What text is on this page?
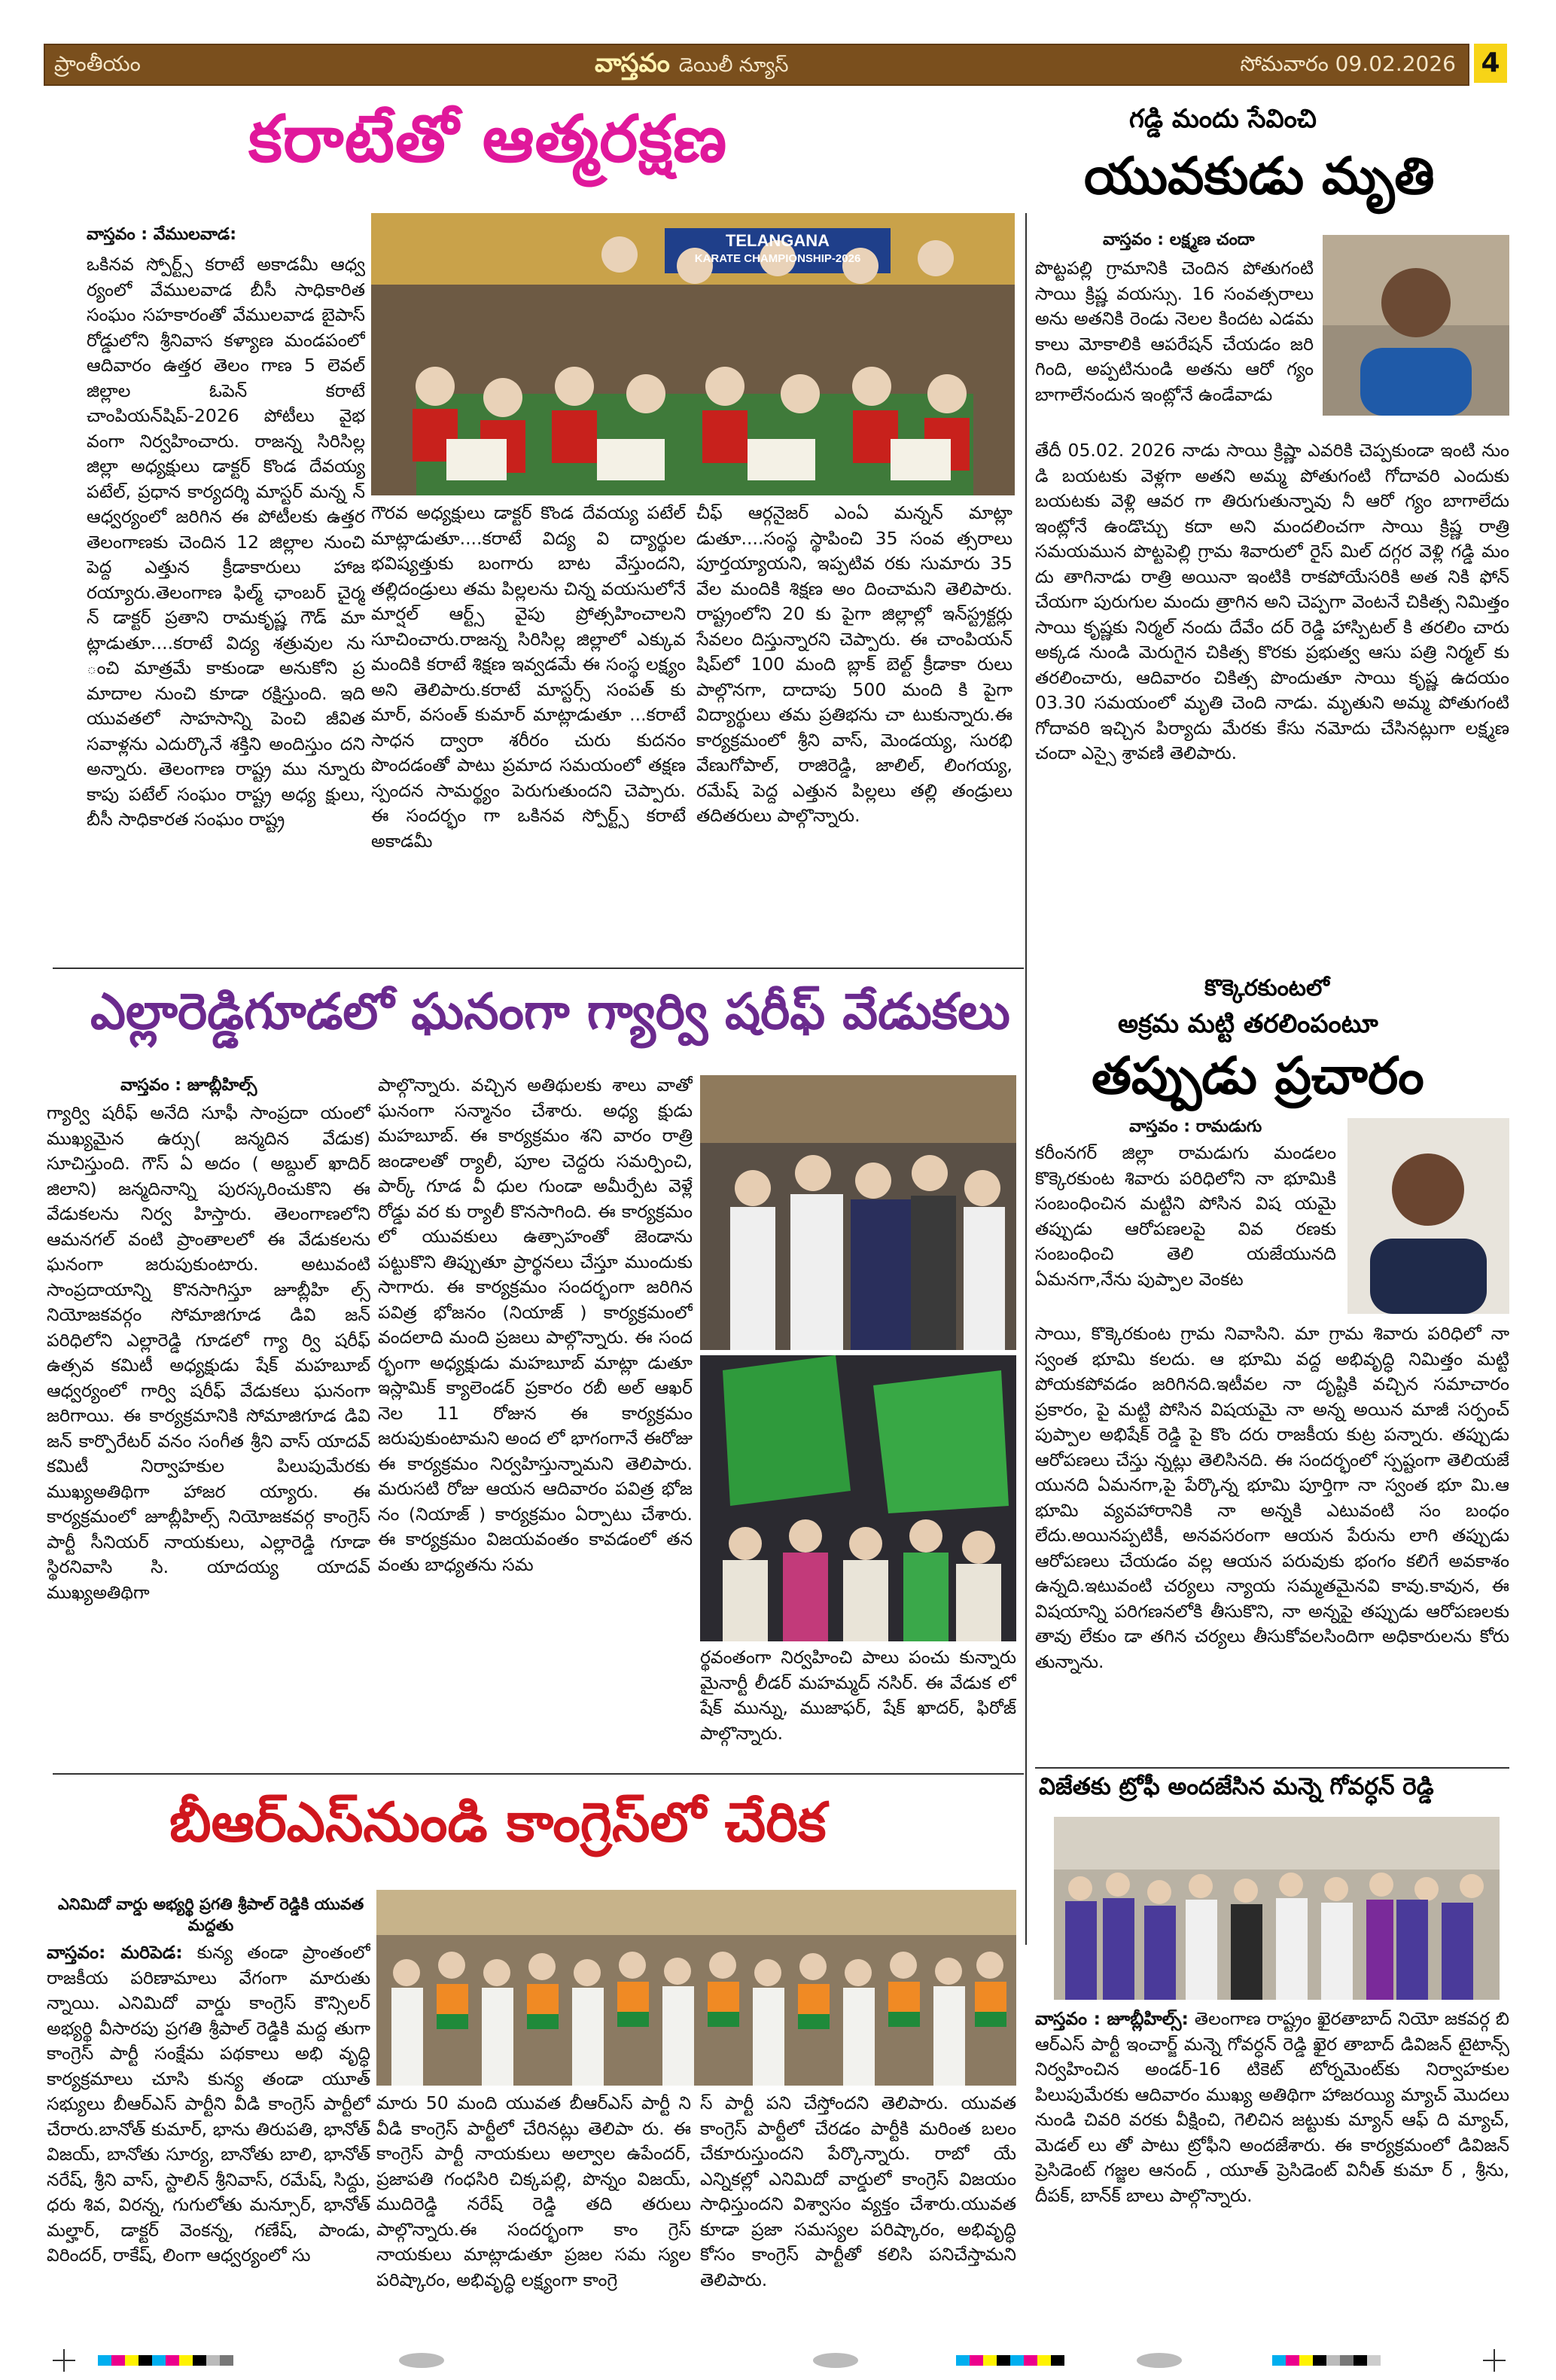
ప్రాంతీయం	వాస్తవం డెయిలీ న్యూస్	సోమవారం 09.02.2026 4
కరాటేతో ఆత్మరక్షణ
వాస్తవం : వేములవాడ:
ఒకినవ స్పోర్ట్స్ కరాటే అకాడమీ ఆధ్వ ర్యంలో వేములవాడ బీసీ సాధికారిత సంఘం సహకారంతో వేములవాడ బైపాస్ రోడ్డులోని శ్రీనివాస కళ్యాణ మండపంలో ఆదివారం ఉత్తర తెలం గాణ 5 లెవల్ జిల్లాల ఓపెన్ కరాటే చాంపియన్‌షిప్-2026 పోటీలు వైభ వంగా నిర్వహించారు. రాజన్న సిరిసిల్ల జిల్లా అధ్యక్షులు డాక్టర్ కొండ దేవయ్య పటేల్, ప్రధాన కార్యదర్శి మాస్టర్ మన్న న్ ఆధ్వర్యంలో జరిగిన ఈ పోటీలకు ఉత్తర తెలంగాణకు చెందిన 12 జిల్లాల నుంచి పెద్ద ఎత్తున క్రీడాకారులు హాజ రయ్యారు.తెలంగాణ ఫిల్మ్ ఛాంబర్ చైర్మ న్ డాక్టర్ ప్రతాని రామకృష్ణ గౌడ్ మా ట్లాడుతూ....కరాటే విద్య శత్రువుల ను ంచి మాత్రమే కాకుండా అనుకోని ప్ర మాదాల నుంచి కూడా రక్షిస్తుంది. ఇది యువతలో సాహసాన్ని పెంచి జీవిత సవాళ్లను ఎదుర్కొనే శక్తిని అందిస్తుం దని అన్నారు. తెలంగాణ రాష్ట్ర ము న్నూరు కాపు పటేల్ సంఘం రాష్ట్ర అధ్య క్షులు, బీసీ సాధికారత సంఘం రాష్ట్ర
TELANGANA
KARATE CHAMPIONSHIP-2026
గౌరవ అధ్యక్షులు డాక్టర్ కొండ దేవయ్య పటేల్ మాట్లాడుతూ....కరాటే విద్య వి ద్యార్థుల భవిష్యత్తుకు బంగారు బాట వేస్తుందని, తల్లిదండ్రులు తమ పిల్లలను చిన్న వయసులోనే మార్షల్ ఆర్ట్స్ వైపు ప్రోత్సహించాలని సూచించారు.రాజన్న సిరిసిల్ల జిల్లాలో ఎక్కువ మందికి కరాటే శిక్షణ ఇవ్వడమే ఈ సంస్థ లక్ష్యం అని తెలిపారు.కరాటే మాస్టర్స్ సంపత్ కు మార్, వసంత్ కుమార్ మాట్లాడుతూ ...కరాటే సాధన ద్వారా శరీరం చురు కుదనం పొందడంతో పాటు ప్రమాద సమయంలో తక్షణ స్పందన సామర్థ్యం పెరుగుతుందని చెప్పారు. ఈ సందర్భం గా ఒకినవ స్పోర్ట్స్ కరాటే అకాడమీ
చీఫ్ ఆర్గనైజర్ ఎంఏ మన్నన్ మాట్లా డుతూ....సంస్థ స్థాపించి 35 సంవ త్సరాలు పూర్తయ్యాయని, ఇప్పటివ రకు సుమారు 35 వేల మందికి శిక్షణ అం దించామని తెలిపారు. రాష్ట్రంలోని 20 కు పైగా జిల్లాల్లో ఇన్‌స్ట్రక్టర్లు సేవలం దిస్తున్నారని చెప్పారు. ఈ చాంపియన్ షిప్‌లో 100 మంది బ్లాక్ బెల్ట్ క్రీడాకా రులు పాల్గొనగా, దాదాపు 500 మంది కి పైగా విద్యార్థులు తమ ప్రతిభను చా టుకున్నారు.ఈ కార్యక్రమంలో శ్రీని వాస్, మెండయ్య, సురభి వేణుగోపాల్, రాజిరెడ్డి, జాలిల్, లింగయ్య, రమేష్ పెద్ద ఎత్తున పిల్లలు తల్లి తండ్రులు తదితరులు పాల్గొన్నారు.
గడ్డి మందు సేవించి
యువకుడు మృతి
వాస్తవం : లక్ష్మణ చందా
పొట్టపల్లి గ్రామానికి చెందిన పోతుగంటి సాయి క్రిష్ణ వయస్సు. 16 సంవత్సరాలు అను అతనికి రెండు నెలల కిందట ఎడమ కాలు మోకాలికి ఆపరేషన్ చేయడం జరి గింది, అప్పటినుండి అతను ఆరో గ్యం బాగాలేనందున ఇంట్లోనే ఉండేవాడు
తేదీ 05.02. 2026 నాడు సాయి క్రిష్ణా ఎవరికి చెప్పకుండా ఇంటి నుం డి బయటకు వెళ్లగా అతని అమ్మ పోతుగంటి గోదావరి ఎందుకు బయటకు వెళ్లి ఆవర గా తిరుగుతున్నావు నీ ఆరో గ్యం బాగాలేదు ఇంట్లోనే ఉండొచ్చు కదా అని మందలించగా సాయి క్రిష్ణ రాత్రి సమయమున పొట్టపెల్లి గ్రామ శివారులో రైస్ మిల్ దగ్గర వెళ్లి గడ్డి మం దు తాగినాడు రాత్రి అయినా ఇంటికి రాకపోయేసరికి అత నికి ఫోన్ చేయగా పురుగుల మందు త్రాగిన అని చెప్పగా వెంటనే చికిత్స నిమిత్తం సాయి కృష్ణకు నిర్మల్ నందు దేవేం దర్ రెడ్డి హాస్పిటల్ కి తరలిం చారు అక్కడ నుండి మెరుగైన చికిత్స కొరకు ప్రభుత్వ ఆసు పత్రి నిర్మల్ కు తరలించారు, ఆదివారం చికిత్స పొందుతూ సాయి కృష్ణ ఉదయం 03.30 సమయంలో మృతి చెంది నాడు. మృతుని అమ్మ పోతుగంటి గోదావరి ఇచ్చిన పిర్యాదు మేరకు కేసు నమోదు చేసినట్లుగా లక్ష్మణ చందా ఎస్సై శ్రావణి తెలిపారు.
ఎల్లారెడ్డిగూడలో ఘనంగా గ్యార్వి షరీఫ్ వేడుకలు
వాస్తవం : జూబ్లీహిల్స్
గ్యార్వి షరీఫ్ అనేది సూఫీ సాంప్రదా యంలో ముఖ్యమైన ఉర్సు( జన్మదిన వేడుక) సూచిస్తుంది. గౌస్ ఏ అదం ( అబ్దుల్ ఖాదిర్ జిలాని) జన్మదినాన్ని పురస్కరించుకొని ఈ వేడుకలను నిర్వ హిస్తారు. తెలంగాణలోని ఆమనగల్ వంటి ప్రాంతాలలో ఈ వేడుకలను ఘనంగా జరుపుకుంటారు. అటువంటి సాంప్రదాయాన్ని కొనసాగిస్తూ జూబ్లీహి ల్స్ నియోజకవర్గం సోమాజిగూడ డివి జన్ పరిధిలోని ఎల్లారెడ్డి గూడలో గ్యా ర్వి షరీఫ్ ఉత్సవ కమిటీ అధ్యక్షుడు షేక్ మహబూబ్ ఆధ్వర్యంలో గార్వి షరీఫ్ వేడుకలు ఘనంగా జరిగాయి. ఈ కార్యక్రమానికి సోమాజిగూడ డివి జన్ కార్పొరేటర్ వనం సంగీత శ్రీని వాస్ యాదవ్ కమిటీ నిర్వాహకుల పిలుపుమేరకు ముఖ్యఅతిథిగా హాజర య్యారు. ఈ కార్యక్రమంలో జూబ్లీహిల్స్ నియోజకవర్గ కాంగ్రెస్ పార్టీ సీనియర్ నాయకులు, ఎల్లారెడ్డి గూడా స్థిరనివాసి సి. యాదయ్య యాదవ్ ముఖ్యఅతిథిగా
పాల్గొన్నారు. వచ్చిన అతిథులకు శాలు వాతో ఘనంగా సన్మానం చేశారు. అధ్య క్షుడు మహబూబ్. ఈ కార్యక్రమం శని వారం రాత్రి జండాలతో ర్యాలీ, పూల చెద్దరు సమర్పించి, పార్క్ గూడ వీ ధుల గుండా అమీర్పేట వెళ్లే రోడ్డు వర కు ర్యాలీ కొనసాగింది. ఈ కార్యక్రమం లో యువకులు ఉత్సాహంతో జెండాను పట్టుకొని తిప్పుతూ ప్రార్థనలు చేస్తూ ముందుకు సాగారు. ఈ కార్యక్రమం సందర్భంగా జరిగిన పవిత్ర భోజనం (నియాజ్ ) కార్యక్రమంలో వందలాది మంది ప్రజలు పాల్గొన్నారు. ఈ సంద ర్భంగా అధ్యక్షుడు మహబూబ్ మాట్లా డుతూ ఇస్లామిక్ క్యాలెండర్ ప్రకారం రబీ అల్ ఆఖర్ నెల 11 రోజున ఈ కార్యక్రమం జరుపుకుంటామని అంద లో భాగంగానే ఈరోజు ఈ కార్యక్రమం నిర్వహిస్తున్నామని తెలిపారు. మరుసటి రోజు ఆయన ఆదివారం పవిత్ర భోజ నం (నియాజ్ ) కార్యక్రమం ఏర్పాటు చేశారు. ఈ కార్యక్రమం విజయవంతం కావడంలో తన వంతు బాధ్యతను సమ
ర్థవంతంగా నిర్వహించి పాలు పంచు కున్నారు మైనార్టీ లీడర్ మహమ్మద్ నసిర్. ఈ వేడుక లో షేక్ మున్ను, ముజాఫర్, షేక్ ఖాదర్, ఫిరోజ్ పాల్గొన్నారు.
కొక్కెరకుంటలో
అక్రమ మట్టి తరలింపంటూ
తప్పుడు ప్రచారం
వాస్తవం : రామడుగు
కరీంనగర్ జిల్లా రామడుగు మండలం కొక్కెరకుంట శివారు పరిధిలోని నా భూమికి సంబంధించిన మట్టిని పోసిన విష యమై తప్పుడు ఆరోపణలపై వివ రణకు సంబంధించి తెలి యజేయునది ఏమనగా,నేను పుప్పాల వెంకట
సాయి, కొక్కెరకుంట గ్రామ నివాసిని. మా గ్రామ శివారు పరిధిలో నా స్వంత భూమి కలదు. ఆ భూమి వద్ద అభివృద్ధి నిమిత్తం మట్టి పోయకపోవడం జరిగినది.ఇటీవల నా దృష్టికి వచ్చిన సమాచారం ప్రకారం, పై మట్టి పోసిన విషయమై నా అన్న అయిన మాజీ సర్పంచ్ పుప్పాల అభిషేక్ రెడ్డి పై కొం దరు రాజకీయ కుట్ర పన్నారు. తప్పుడు ఆరోపణలు చేస్తు న్నట్లు తెలిసినది. ఈ సందర్భంలో స్పష్టంగా తెలియజే యునది ఏమనగా,పై పేర్కొన్న భూమి పూర్తిగా నా స్వంత భూ మి.ఆ భూమి వ్యవహారానికి నా అన్నకి ఎటువంటి సం బంధం లేదు.అయినప్పటికీ, అనవసరంగా ఆయన పేరును లాగి తప్పుడు ఆరోపణలు చేయడం వల్ల ఆయన పరువుకు భంగం కలిగే అవకాశం ఉన్నది.ఇటువంటి చర్యలు న్యాయ సమ్మతమైనవి కావు.కావున, ఈ విషయాన్ని పరిగణనలోకి తీసుకొని, నా అన్నపై తప్పుడు ఆరోపణలకు తావు లేకుం డా తగిన చర్యలు తీసుకోవలసిందిగా అధికారులను కోరు తున్నాను.
విజేతకు ట్రోఫీ అందజేసిన మన్నె గోవర్ధన్ రెడ్డి
వాస్తవం : జూబ్లీహిల్స్: తెలంగాణ రాష్ట్రం ఖైరతాబాద్ నియో జకవర్గ బి ఆర్ఎస్ పార్టీ ఇంచార్జ్ మన్నె గోవర్ధన్ రెడ్డి ఖైర తాబాద్ డివిజన్ టైటాన్స్ నిర్వహించిన అండర్-16 టికెట్ టోర్నమెంట్‌కు నిర్వాహకుల పిలుపుమేరకు ఆదివారం ముఖ్య అతిథిగా హాజరయ్యి మ్యాచ్ మొదలు నుండి చివరి వరకు వీక్షించి, గెలిచిన జట్టుకు మ్యాన్ ఆఫ్ ది మ్యాచ్, మెడల్ లు తో పాటు ట్రోఫీని అందజేశారు. ఈ కార్యక్రమంలో డివిజన్ ప్రెసిడెంట్ గజ్జల ఆనంద్ , యూత్ ప్రెసిడెంట్ వినీత్ కుమా ర్ , శ్రీను, దీపక్, బాన్‌క్ బాలు పాల్గొన్నారు.
బీఆర్ఎస్‌నుండి కాంగ్రెస్‌లో చేరిక
ఎనిమిదో వార్డు అభ్యర్థి ప్రగతి శ్రీపాల్ రెడ్డికి యువత మద్దతు
వాస్తవం: మరిపెడ: కున్య తండా ప్రాంతంలో రాజకీయ పరిణామాలు వేగంగా మారుతు న్నాయి. ఎనిమిదో వార్డు కాంగ్రెస్ కౌన్సిలర్ అభ్యర్థి వీసారపు ప్రగతి శ్రీపాల్ రెడ్డికి మద్ద తుగా కాంగ్రెస్ పార్టీ సంక్షేమ పథకాలు అభి వృద్ధి కార్యక్రమాలు చూసి కున్య తండా యూత్ సభ్యులు బీఆర్ఎస్ పార్టీని వీడి కాంగ్రెస్ పార్టీలో చేరారు.బానోత్ కుమార్, భాను తిరుపతి, భానోత్ విజయ్, బానోతు సూర్య, బానోతు బాలి, భానోత్ నరేష్, శ్రీని వాస్, స్టాలిన్ శ్రీనివాస్, రమేష్, సిద్దు, ధరు శివ, విరన్న, గుగులోతు మన్సూర్, భానోత్ మల్హార్, డాక్టర్ వెంకన్న, గణేష్, పాండు, విరిందర్, రాకేష్, లింగా ఆధ్వర్యంలో సు
మారు 50 మంది యువత బీఆర్ఎస్ పార్టీ ని వీడి కాంగ్రెస్ పార్టీలో చేరినట్లు తెలిపా రు. ఈ కాంగ్రెస్ పార్టీ నాయకులు అల్వాల ఉపేందర్, ప్రజాపతి గంధసిరి చిక్కపల్లి, పొన్నం విజయ్, ముదిరెడ్డి నరేష్ రెడ్డి తది తరులు పాల్గొన్నారు.ఈ సందర్భంగా కాం గ్రెస్ నాయకులు మాట్లాడుతూ ప్రజల సమ స్యల పరిష్కారం, అభివృద్ధి లక్ష్యంగా కాంగ్రె
స్ పార్టీ పని చేస్తోందని తెలిపారు. యువత కాంగ్రెస్ పార్టీలో చేరడం పార్టీకి మరింత బలం చేకూరుస్తుందని పేర్కొన్నారు. రాబో యే ఎన్నికల్లో ఎనిమిదో వార్డులో కాంగ్రెస్ విజయం సాధిస్తుందని విశ్వాసం వ్యక్తం చేశారు.యువత కూడా ప్రజా సమస్యల పరిష్కారం, అభివృద్ధి కోసం కాంగ్రెస్ పార్టీతో కలిసి పనిచేస్తామని తెలిపారు.
